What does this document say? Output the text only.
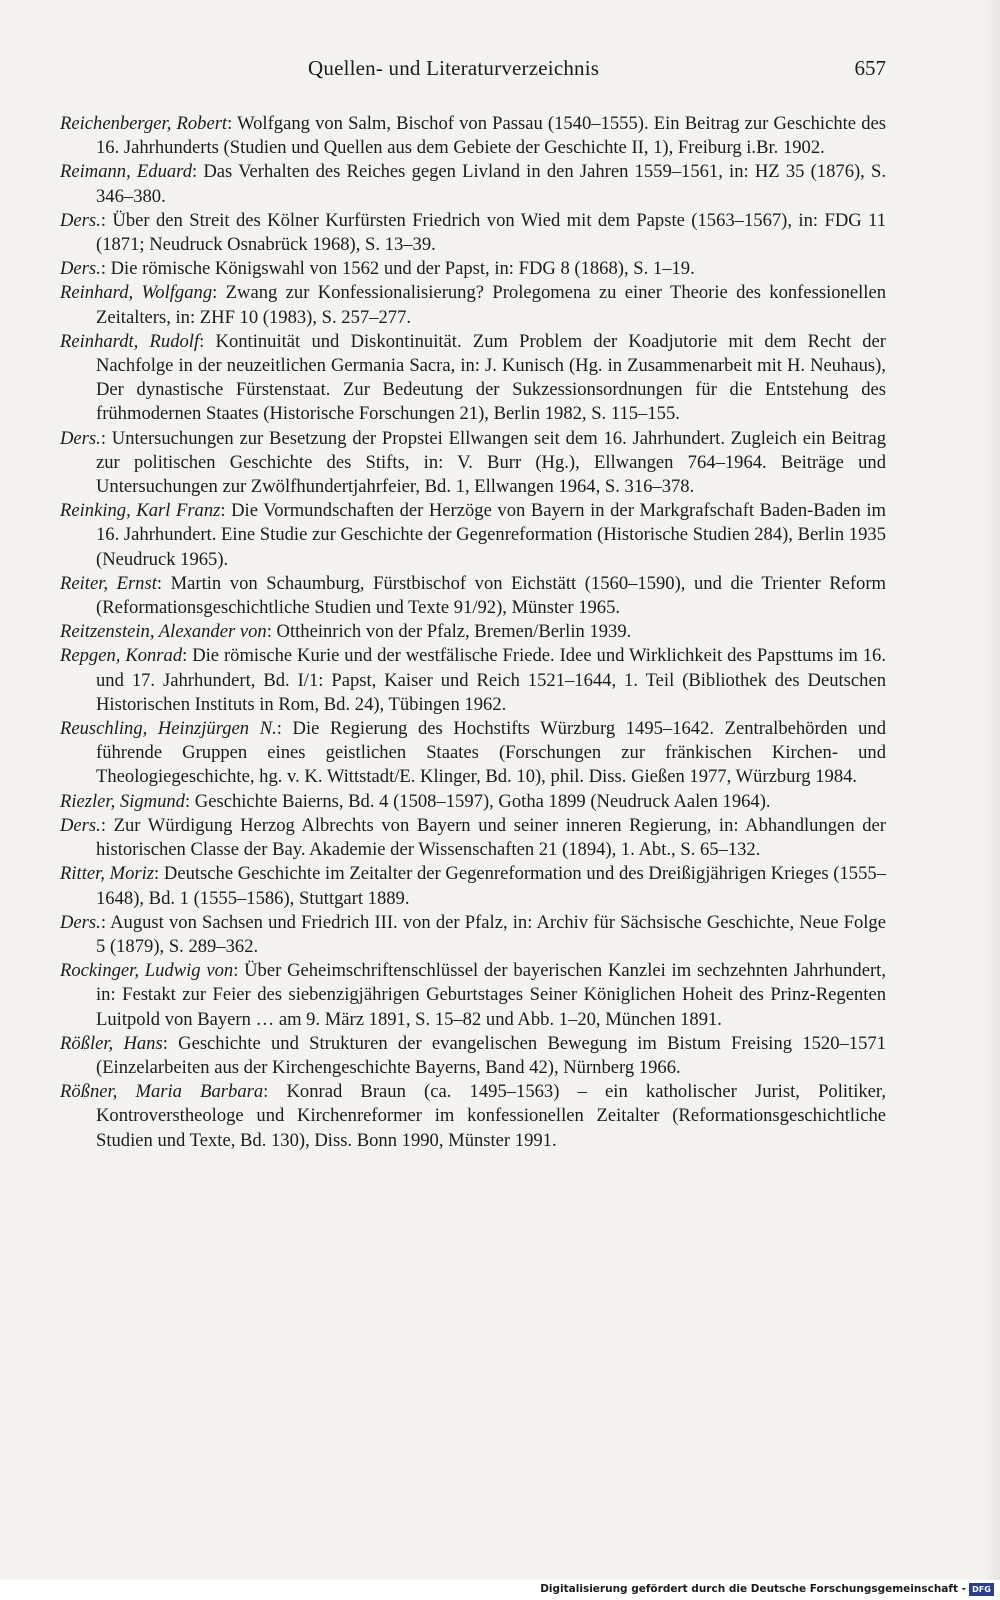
Quellen- und Literaturverzeichnis	657

Reichenberger, Robert: Wolfgang von Salm, Bischof von Passau (1540–1555). Ein Beitrag zur Geschichte des 16. Jahrhunderts (Studien und Quellen aus dem Gebiete der Geschichte II, 1), Freiburg i.Br. 1902.

Reimann, Eduard: Das Verhalten des Reiches gegen Livland in den Jahren 1559–1561, in: HZ 35 (1876), S. 346–380.

Ders.: Über den Streit des Kölner Kurfürsten Friedrich von Wied mit dem Papste (1563–1567), in: FDG 11 (1871; Neudruck Osnabrück 1968), S. 13–39.

Ders.: Die römische Königswahl von 1562 und der Papst, in: FDG 8 (1868), S. 1–19.

Reinhard, Wolfgang: Zwang zur Konfessionalisierung? Prolegomena zu einer Theorie des konfessionellen Zeitalters, in: ZHF 10 (1983), S. 257–277.

Reinhardt, Rudolf: Kontinuität und Diskontinuität. Zum Problem der Koadjutorie mit dem Recht der Nachfolge in der neuzeitlichen Germania Sacra, in: J. Kunisch (Hg. in Zusammenarbeit mit H. Neuhaus), Der dynastische Fürstenstaat. Zur Bedeutung der Sukzessionsordnungen für die Entstehung des frühmodernen Staates (Historische Forschungen 21), Berlin 1982, S. 115–155.

Ders.: Untersuchungen zur Besetzung der Propstei Ellwangen seit dem 16. Jahrhundert. Zugleich ein Beitrag zur politischen Geschichte des Stifts, in: V. Burr (Hg.), Ellwangen 764–1964. Beiträge und Untersuchungen zur Zwölfhundertjahrfeier, Bd. 1, Ellwangen 1964, S. 316–378.

Reinking, Karl Franz: Die Vormundschaften der Herzöge von Bayern in der Markgrafschaft Baden-Baden im 16. Jahrhundert. Eine Studie zur Geschichte der Gegenreformation (Historische Studien 284), Berlin 1935 (Neudruck 1965).

Reiter, Ernst: Martin von Schaumburg, Fürstbischof von Eichstätt (1560–1590), und die Trienter Reform (Reformationsgeschichtliche Studien und Texte 91/92), Münster 1965.

Reitzenstein, Alexander von: Ottheinrich von der Pfalz, Bremen/Berlin 1939.

Repgen, Konrad: Die römische Kurie und der westfälische Friede. Idee und Wirklichkeit des Papsttums im 16. und 17. Jahrhundert, Bd. I/1: Papst, Kaiser und Reich 1521–1644, 1. Teil (Bibliothek des Deutschen Historischen Instituts in Rom, Bd. 24), Tübingen 1962.

Reuschling, Heinzjürgen N.: Die Regierung des Hochstifts Würzburg 1495–1642. Zentralbehörden und führende Gruppen eines geistlichen Staates (Forschungen zur fränkischen Kirchen- und Theologiegeschichte, hg. v. K. Wittstadt/E. Klinger, Bd. 10), phil. Diss. Gießen 1977, Würzburg 1984.

Riezler, Sigmund: Geschichte Baierns, Bd. 4 (1508–1597), Gotha 1899 (Neudruck Aalen 1964).

Ders.: Zur Würdigung Herzog Albrechts von Bayern und seiner inneren Regierung, in: Abhandlungen der historischen Classe der Bay. Akademie der Wissenschaften 21 (1894), 1. Abt., S. 65–132.

Ritter, Moriz: Deutsche Geschichte im Zeitalter der Gegenreformation und des Dreißigjährigen Krieges (1555–1648), Bd. 1 (1555–1586), Stuttgart 1889.

Ders.: August von Sachsen und Friedrich III. von der Pfalz, in: Archiv für Sächsische Geschichte, Neue Folge 5 (1879), S. 289–362.

Rockinger, Ludwig von: Über Geheimschriftenschlüssel der bayerischen Kanzlei im sechzehnten Jahrhundert, in: Festakt zur Feier des siebenzigjährigen Geburtstages Seiner Königlichen Hoheit des Prinz-Regenten Luitpold von Bayern … am 9. März 1891, S. 15–82 und Abb. 1–20, München 1891.

Rößler, Hans: Geschichte und Strukturen der evangelischen Bewegung im Bistum Freising 1520–1571 (Einzelarbeiten aus der Kirchengeschichte Bayerns, Band 42), Nürnberg 1966.

Rößner, Maria Barbara: Konrad Braun (ca. 1495–1563) – ein katholischer Jurist, Politiker, Kontroverstheologe und Kirchenreformer im konfessionellen Zeitalter (Reformationsgeschichtliche Studien und Texte, Bd. 130), Diss. Bonn 1990, Münster 1991.

Digitalisierung gefördert durch die Deutsche Forschungsgemeinschaft - DFG
